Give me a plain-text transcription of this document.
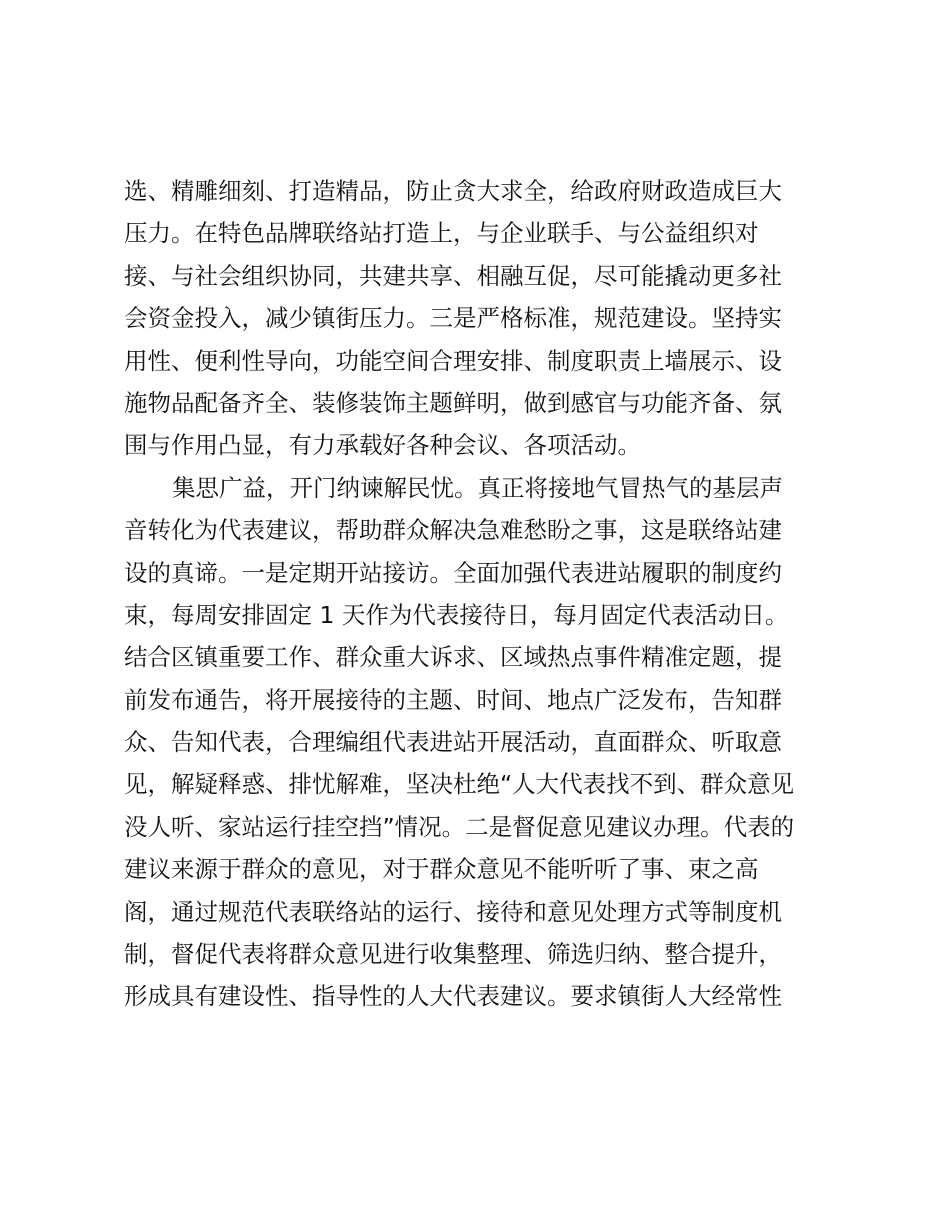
选、精雕细刻、打造精品，防止贪大求全，给政府财政造成巨大
压力。在特色品牌联络站打造上，与企业联手、与公益组织对
接、与社会组织协同，共建共享、相融互促，尽可能撬动更多社
会资金投入，减少镇街压力。三是严格标准，规范建设。坚持实
用性、便利性导向，功能空间合理安排、制度职责上墙展示、设
施物品配备齐全、装修装饰主题鲜明，做到感官与功能齐备、氛
围与作用凸显，有力承载好各种会议、各项活动。
集思广益，开门纳谏解民忧。真正将接地气冒热气的基层声
音转化为代表建议，帮助群众解决急难愁盼之事，这是联络站建
设的真谛。一是定期开站接访。全面加强代表进站履职的制度约
束，每周安排固定 1 天作为代表接待日，每月固定代表活动日。
结合区镇重要工作、群众重大诉求、区域热点事件精准定题，提
前发布通告，将开展接待的主题、时间、地点广泛发布，告知群
众、告知代表，合理编组代表进站开展活动，直面群众、听取意
见，解疑释惑、排忧解难，坚决杜绝“人大代表找不到、群众意见
没人听、家站运行挂空挡”情况。二是督促意见建议办理。代表的
建议来源于群众的意见，对于群众意见不能听听了事、束之高
阁，通过规范代表联络站的运行、接待和意见处理方式等制度机
制，督促代表将群众意见进行收集整理、筛选归纳、整合提升，
形成具有建设性、指导性的人大代表建议。要求镇街人大经常性
